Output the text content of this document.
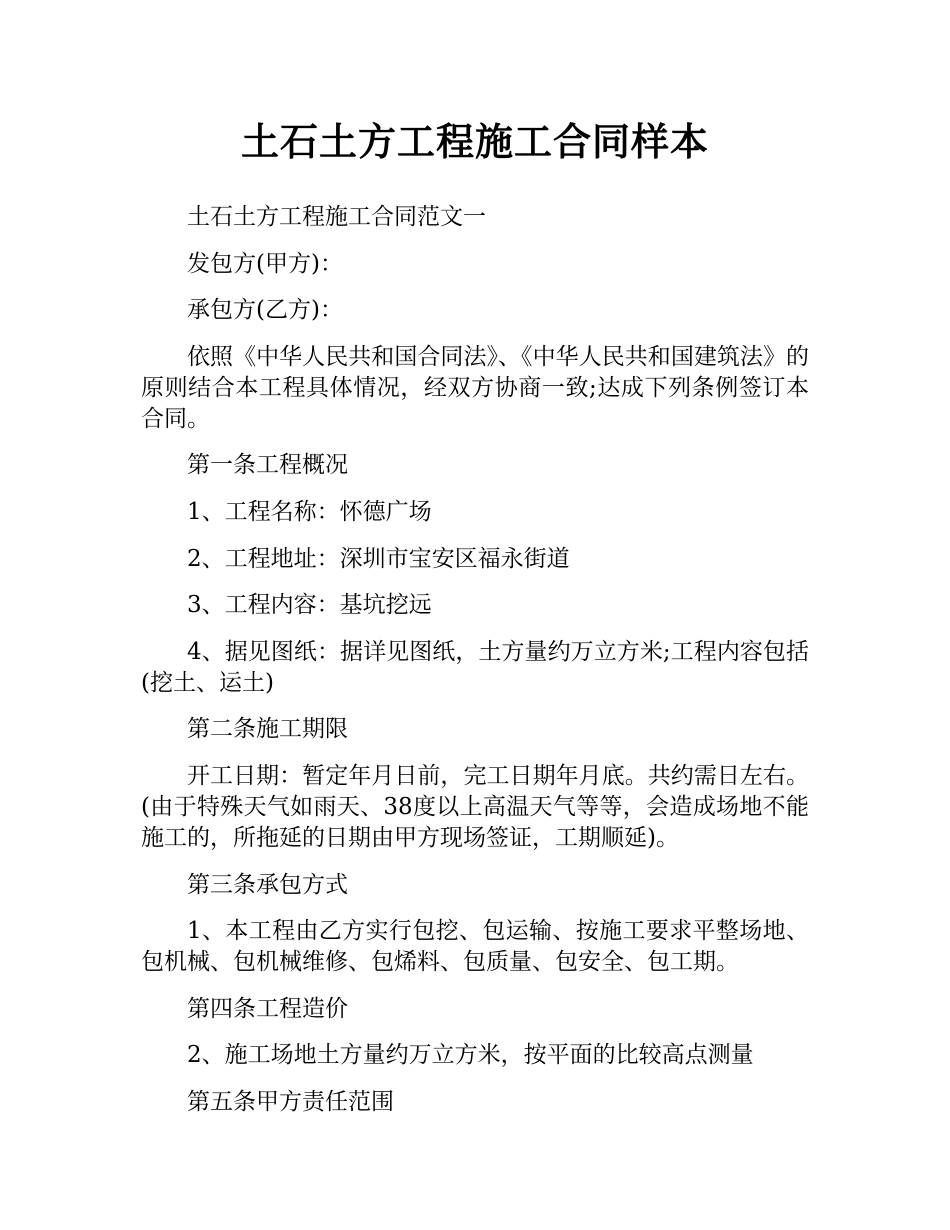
土石土方工程施工合同样本

土石土方工程施工合同范文一

发包方(甲方)：

承包方(乙方)：

依照《中华人民共和国合同法》、《中华人民共和国建筑法》的原则结合本工程具体情况，经双方协商一致;达成下列条例签订本合同。

第一条工程概况

1、工程名称：怀德广场

2、工程地址：深圳市宝安区福永街道

3、工程内容：基坑挖远

4、据见图纸：据详见图纸，土方量约万立方米;工程内容包括(挖土、运土)

第二条施工期限

开工日期：暂定年月日前，完工日期年月底。共约需日左右。(由于特殊天气如雨天、38度以上高温天气等等，会造成场地不能施工的，所拖延的日期由甲方现场签证，工期顺延)。

第三条承包方式

1、本工程由乙方实行包挖、包运输、按施工要求平整场地、包机械、包机械维修、包烯料、包质量、包安全、包工期。

第四条工程造价

2、施工场地土方量约万立方米，按平面的比较高点测量

第五条甲方责任范围
